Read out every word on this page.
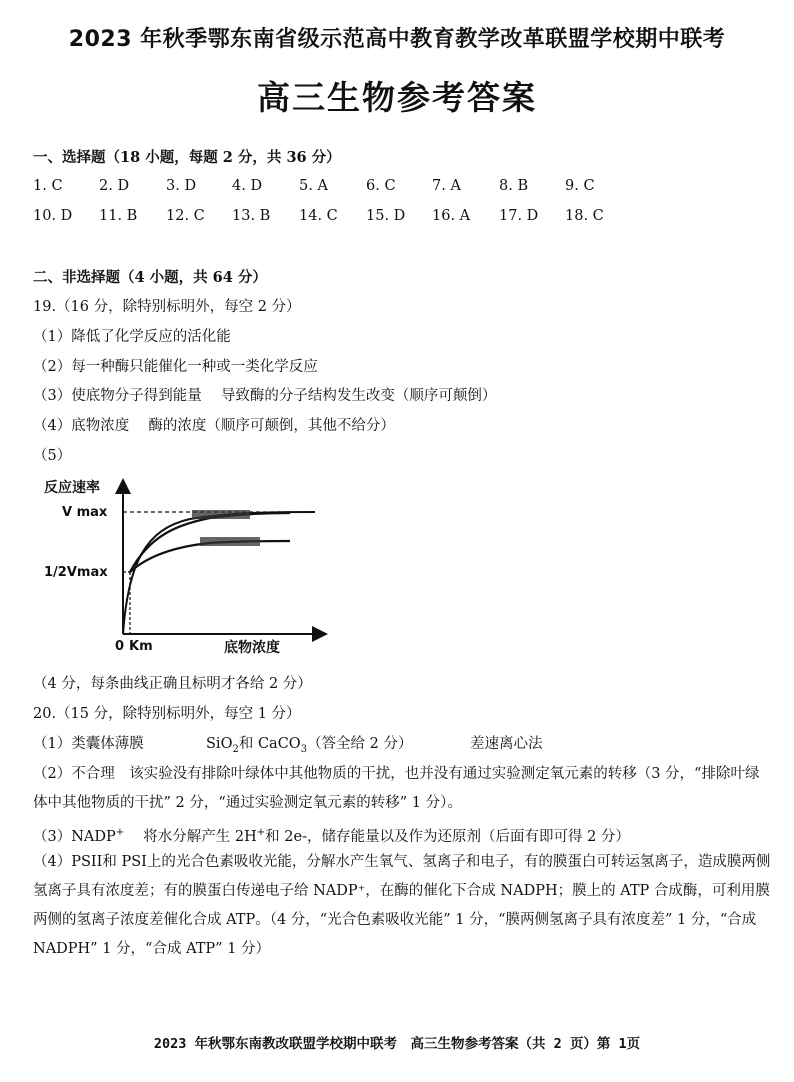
2023 年秋季鄂东南省级示范高中教育教学改革联盟学校期中联考
高三生物参考答案
一、选择题（18 小题，每题 2 分，共 36 分）
1. C	2. D	3. D 4. D	5. A	6. C	7. A	8. B	9. C
10. D 11. B 12. C 13. B 14. C 15. D 16. A 17. D 18. C
二、非选择题（4 小题，共 64 分）
19.（16 分，除特别标明外，每空 2 分）
（1）降低了化学反应的活化能
（2）每一种酶只能催化一种或一类化学反应
（3）使底物分子得到能量　 导致酶的分子结构发生改变（顺序可颠倒）
（4）底物浓度　 酶的浓度（顺序可颠倒，其他不给分）
（5）
反应速率
底物浓度
V max
1/2Vmax
0 Km
（4 分，每条曲线正确且标明才各给 2 分）
20.（15 分，除特别标明外，每空 1 分）
（1）类囊体薄膜	SiO$_2$和 CaCO$_3$（答全给 2 分）	差速离心法
（2）不合理　该实验没有排除叶绿体中其他物质的干扰，也并没有通过实验测定氧元素的转移（3 分，“排除叶绿体中其他物质的干扰” 2 分，“通过实验测定氧元素的转移” 1 分）。
（3）NADP+　 将水分解产生 2H+和 2e-，储存能量以及作为还原剂（后面有即可得 2 分）
（4）PSII和 PSI上的光合色素吸收光能，分解水产生氧气、氢离子和电子，有的膜蛋白可转运氢离子，造成膜两侧氢离子具有浓度差；有的膜蛋白传递电子给 NADP⁺，在酶的催化下合成 NADPH；膜上的 ATP 合成酶，可利用膜两侧的氢离子浓度差催化合成 ATP。（4 分，“光合色素吸收光能” 1 分，“膜两侧氢离子具有浓度差” 1 分，“合成 NADPH” 1 分，“合成 ATP” 1 分）
2023 年秋鄂东南教改联盟学校期中联考　高三生物参考答案（共 2 页）第 1页
